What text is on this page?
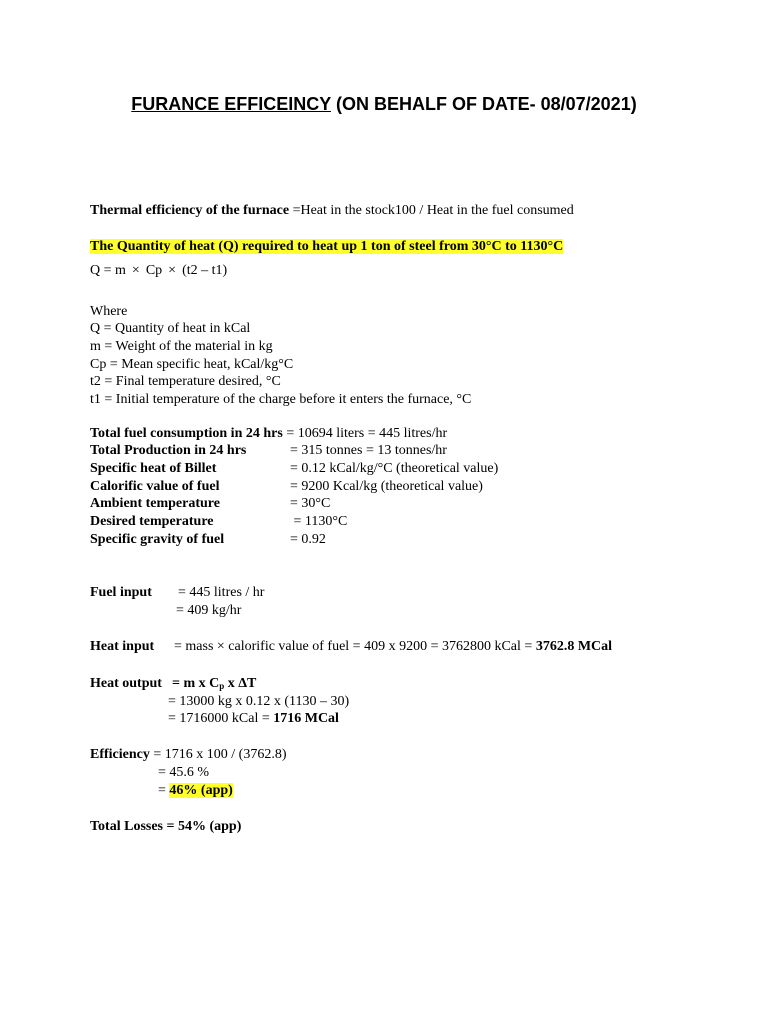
FURANCE EFFICEINCY (ON BEHALF OF DATE- 08/07/2021)
Thermal efficiency of the furnace =Heat in the stock100 / Heat in the fuel consumed
The Quantity of heat (Q) required to heat up 1 ton of steel from 30°C to 1130°C
Q = m × Cp × (t2 – t1)
Where
Q = Quantity of heat in kCal
m = Weight of the material in kg
Cp = Mean specific heat, kCal/kg°C
t2 = Final temperature desired, °C
t1 = Initial temperature of the charge before it enters the furnace, °C
Total fuel consumption in 24 hrs = 10694 liters = 445 litres/hr
Total Production in 24 hrs	= 315 tonnes = 13 tonnes/hr
Specific heat of Billet	= 0.12 kCal/kg/°C (theoretical value)
Calorific value of fuel	= 9200 Kcal/kg (theoretical value)
Ambient temperature	= 30°C
Desired temperature	= 1130°C
Specific gravity of fuel	= 0.92
Fuel input = 445 litres / hr
= 409 kg/hr
Heat input = mass × calorific value of fuel = 409 x 9200 = 3762800 kCal = 3762.8 MCal
Heat output = m x $C_p$ x ΔT
= 13000 kg x 0.12 x (1130 – 30)
= 1716000 kCal = 1716 MCal
Efficiency = 1716 x 100 / (3762.8)
= 45.6 %
= 46% (app)
Total Losses = 54% (app)
